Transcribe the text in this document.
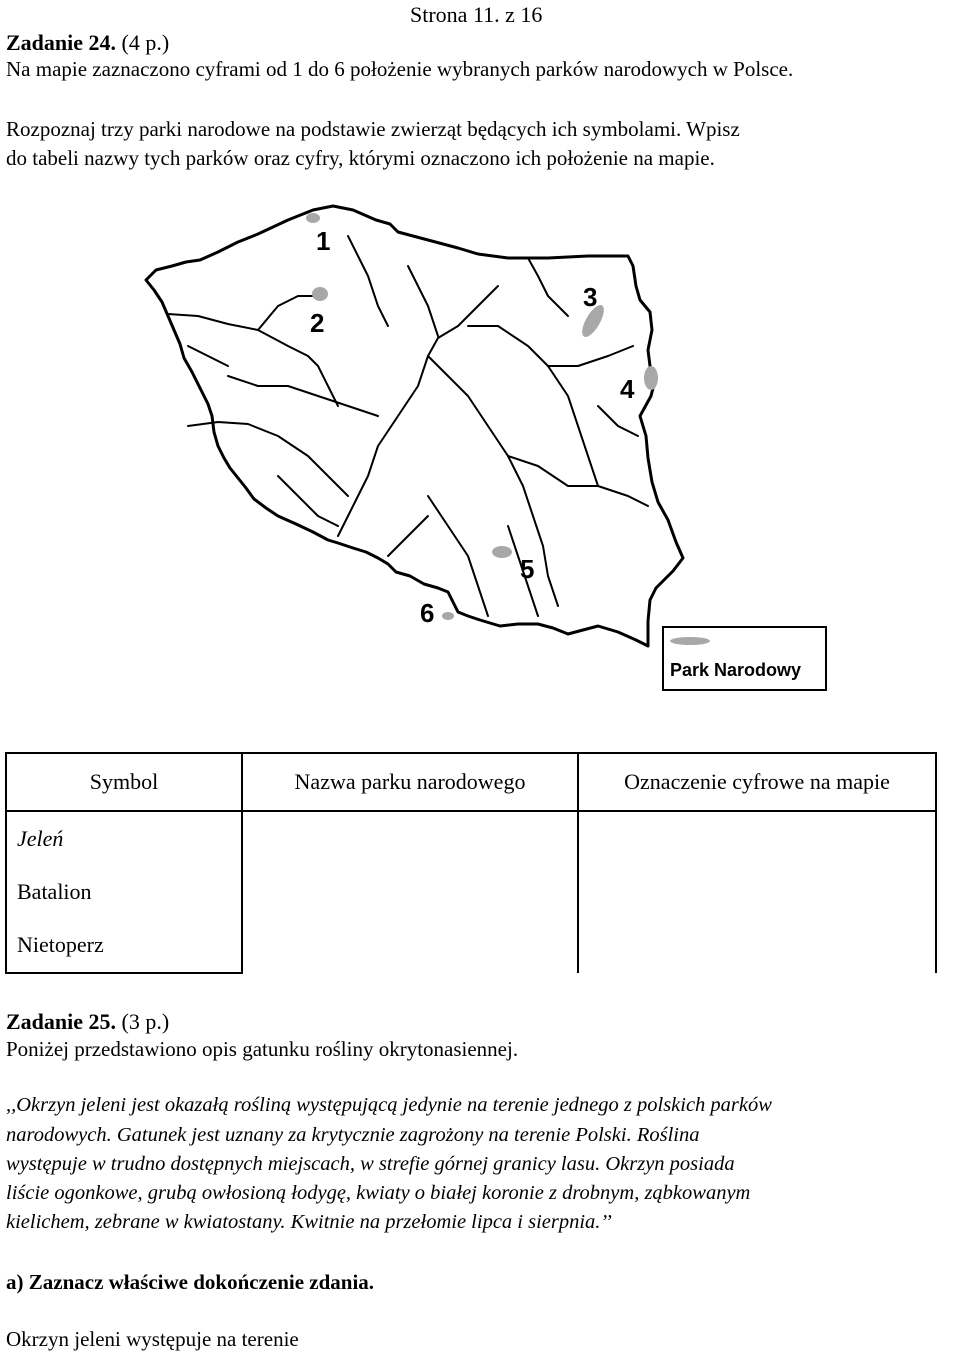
Strona 11. z 16
Zadanie 24. (4 p.)
Na mapie zaznaczono cyframi od 1 do 6 położenie wybranych parków narodowych w Polsce.
Rozpoznaj trzy parki narodowe na podstawie zwierząt będących ich symbolami. Wpisz
do tabeli nazwy tych parków oraz cyfry, którymi oznaczono ich położenie na mapie.
1
2
3
4
5
6
Park Narodowy
Symbol	Nazwa parku narodowego	Oznaczenie cyfrowe na mapie
Jeleń		
Batalion		
Nietoperz		
Zadanie 25. (3 p.)
Poniżej przedstawiono opis gatunku rośliny okrytonasiennej.
,,Okrzyn jeleni jest okazałą rośliną występującą jedynie na terenie jednego z polskich parków
narodowych. Gatunek jest uznany za krytycznie zagrożony na terenie Polski. Roślina
występuje w trudno dostępnych miejscach, w strefie górnej granicy lasu. Okrzyn posiada
liście ogonkowe, grubą owłosioną łodygę, kwiaty o białej koronie z drobnym, ząbkowanym
kielichem, zebrane w kwiatostany. Kwitnie na przełomie lipca i sierpnia.’’
a) Zaznacz właściwe dokończenie zdania.
Okrzyn jeleni występuje na terenie
